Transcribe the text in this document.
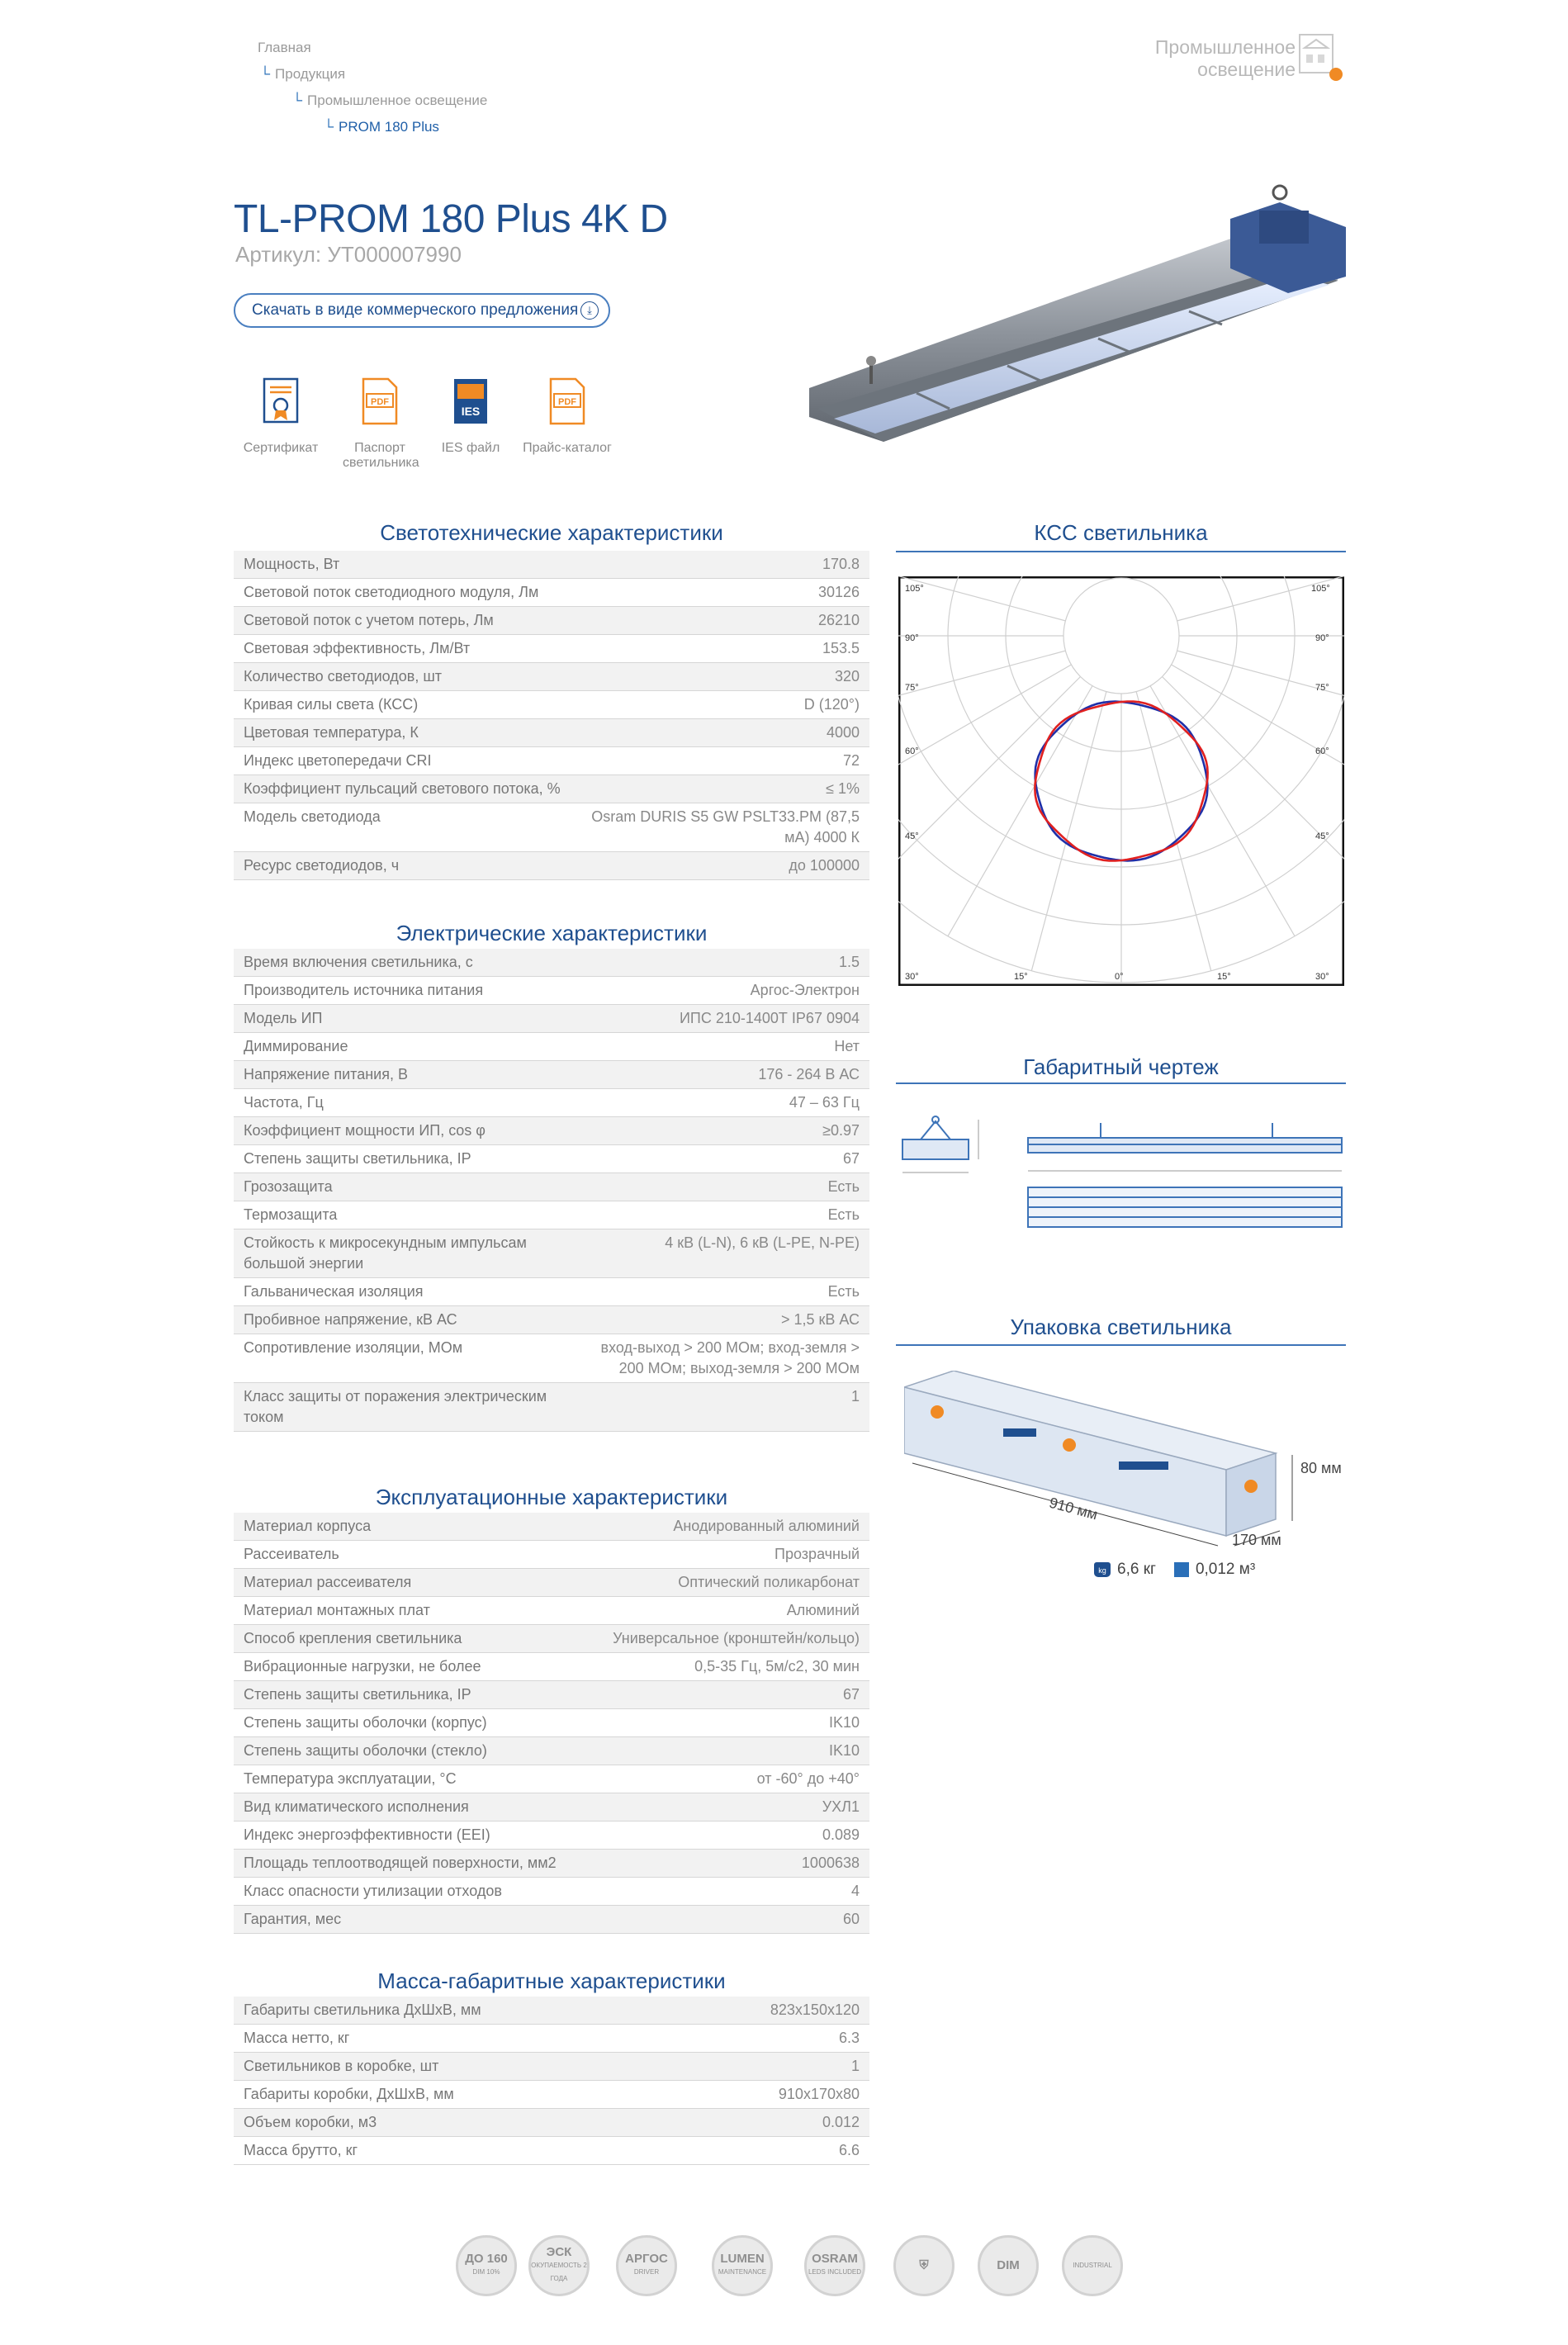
Главная
└ Продукция
└ Промышленное освещение
└ PROM 180 Plus
Промышленное
освещение
TL-PROM 180 Plus 4K D
Артикул: УТ000007990
Скачать в виде коммерческого предложения ⤓
Сертификат
PDF
Паспорт светильника
IES
IES файл
PDF
Прайс-каталог
Светотехнические характеристики
Мощность, Вт	170.8
Световой поток светодиодного модуля, Лм	30126
Световой поток с учетом потерь, Лм	26210
Световая эффективность, Лм/Вт	153.5
Количество светодиодов, шт	320
Кривая силы света (КСС)	D (120°)
Цветовая температура, К	4000
Индекс цветопередачи CRI	72
Коэффициент пульсаций светового потока, %	≤ 1%
Модель светодиода	Osram DURIS S5 GW PSLT33.PM (87,5 мА) 4000 К
Ресурс светодиодов, ч	до 100000
Электрические характеристики
Время включения светильника, с	1.5
Производитель источника питания	Аргос-Электрон
Модель ИП	ИПС 210-1400Т IP67 0904
Диммирование	Нет
Напряжение питания, В	176 - 264 В АС
Частота, Гц	47 – 63 Гц
Коэффициент мощности ИП, cos φ	≥0.97
Степень защиты светильника, IP	67
Грозозащита	Есть
Термозащита	Есть
Стойкость к микросекундным импульсам большой энергии	4 кВ (L-N), 6 кВ (L-PE, N-PE)
Гальваническая изоляция	Есть
Пробивное напряжение, кВ АС	> 1,5 кВ АС
Сопротивление изоляции, МОм	вход-выход > 200 МОм; вход-земля > 200 МОм; выход-земля > 200 МОм
Класс защиты от поражения электрическим током	1
Эксплуатационные характеристики
Материал корпуса	Анодированный алюминий
Рассеиватель	Прозрачный
Материал рассеивателя	Оптический поликарбонат
Материал монтажных плат	Алюминий
Способ крепления светильника	Универсальное (кронштейн/кольцо)
Вибрационные нагрузки, не более	0,5-35 Гц, 5м/с2, 30 мин
Степень защиты светильника, IP	67
Степень защиты оболочки (корпус)	IK10
Степень защиты оболочки (стекло)	IK10
Температура эксплуатации, °С	от -60° до +40°
Вид климатического исполнения	УХЛ1
Индекс энергоэффективности (EEI)	0.089
Площадь теплоотводящей поверхности, мм2	1000638
Класс опасности утилизации отходов	4
Гарантия, мес	60
Масса-габаритные характеристики
Габариты светильника ДхШхВ, мм	823х150х120
Масса нетто, кг	6.3
Светильников в коробке, шт	1
Габариты коробки, ДхШхВ, мм	910х170х80
Объем коробки, м3	0.012
Масса брутто, кг	6.6
КСС светильника
105°	105°
90°	90°
75°	75°
60°	60°
45°	45°
30°	15°	0°	15°	30°
Габаритный чертеж
Упаковка светильника
910 мм
170 мм
80 мм
kg 6,6 кг	0,012 м³
ДО 160
DIM 10%
ЭСК
ОКУПАЕМОСТЬ 2 ГОДА
АРГОС
DRIVER
LUMEN
MAINTENANCE
OSRAM
LEDS INCLUDED	⛨	DIM	INDUSTRIAL
